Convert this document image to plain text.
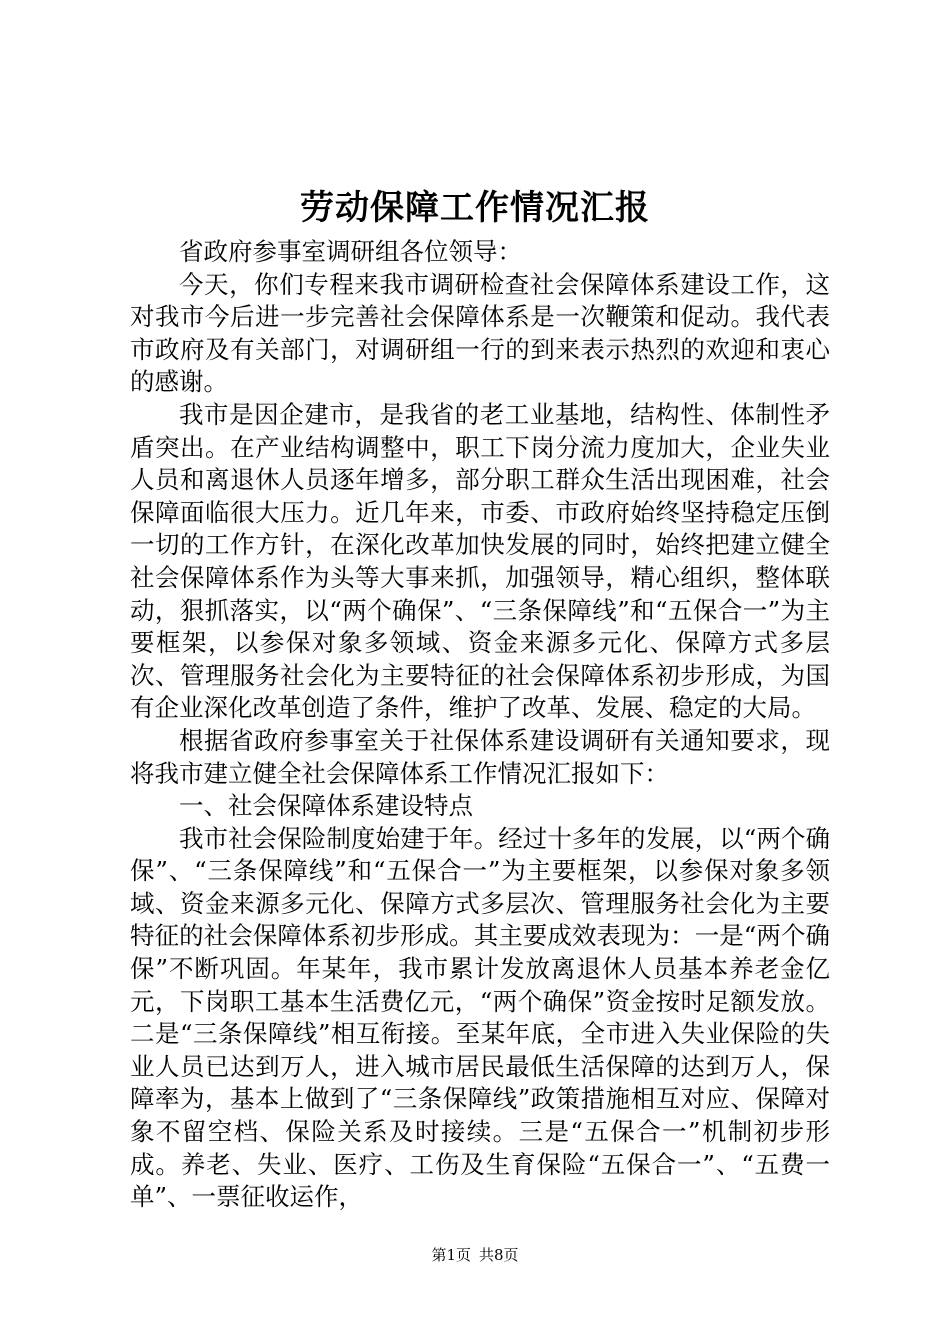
劳动保障工作情况汇报

省政府参事室调研组各位领导：

今天，你们专程来我市调研检查社会保障体系建设工作，这对我市今后进一步完善社会保障体系是一次鞭策和促动。我代表市政府及有关部门，对调研组一行的到来表示热烈的欢迎和衷心的感谢。

我市是因企建市，是我省的老工业基地，结构性、体制性矛盾突出。在产业结构调整中，职工下岗分流力度加大，企业失业人员和离退休人员逐年增多，部分职工群众生活出现困难，社会保障面临很大压力。近几年来，市委、市政府始终坚持稳定压倒一切的工作方针，在深化改革加快发展的同时，始终把建立健全社会保障体系作为头等大事来抓，加强领导，精心组织，整体联动，狠抓落实，以“两个确保”、“三条保障线”和“五保合一”为主要框架，以参保对象多领域、资金来源多元化、保障方式多层次、管理服务社会化为主要特征的社会保障体系初步形成，为国有企业深化改革创造了条件，维护了改革、发展、稳定的大局。

根据省政府参事室关于社保体系建设调研有关通知要求，现将我市建立健全社会保障体系工作情况汇报如下：

一、社会保障体系建设特点

我市社会保险制度始建于年。经过十多年的发展，以“两个确保”、“三条保障线”和“五保合一”为主要框架，以参保对象多领域、资金来源多元化、保障方式多层次、管理服务社会化为主要特征的社会保障体系初步形成。其主要成效表现为：一是“两个确保”不断巩固。年某年，我市累计发放离退休人员基本养老金亿元，下岗职工基本生活费亿元，“两个确保”资金按时足额发放。二是“三条保障线”相互衔接。至某年底，全市进入失业保险的失业人员已达到万人，进入城市居民最低生活保障的达到万人，保障率为，基本上做到了“三条保障线”政策措施相互对应、保障对象不留空档、保险关系及时接续。三是“五保合一”机制初步形成。养老、失业、医疗、工伤及生育保险“五保合一”、“五费一单”、一票征收运作，

第1页 共8页
